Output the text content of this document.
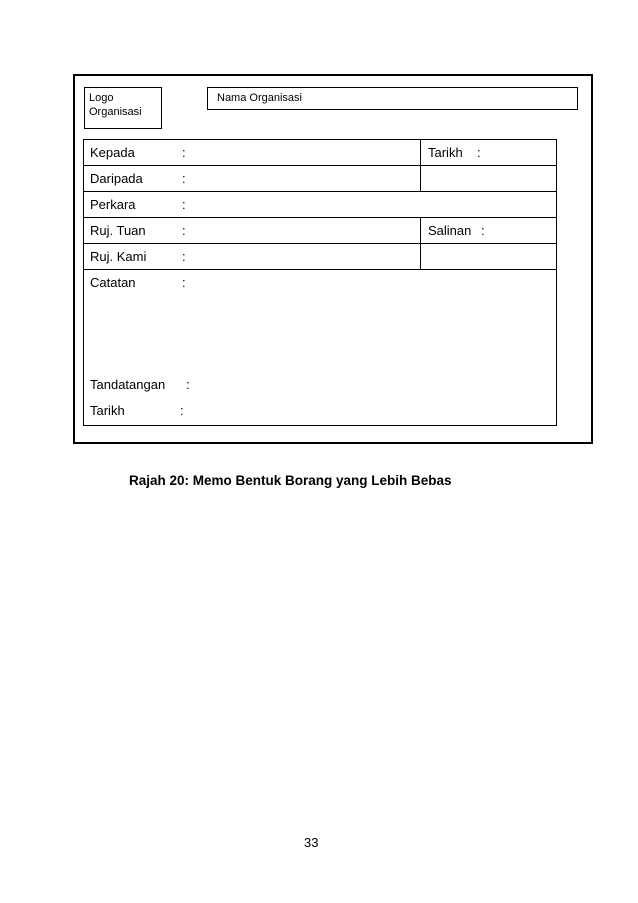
Logo
Organisasi
Nama Organisasi
Kepada	:	Tarikh :
Daripada	:
Perkara	:
Ruj. Tuan	:	Salinan :
Ruj. Kami	:
Catatan	:
Tandatangan :
Tarikh	:
Rajah 20: Memo Bentuk Borang yang Lebih Bebas
33
